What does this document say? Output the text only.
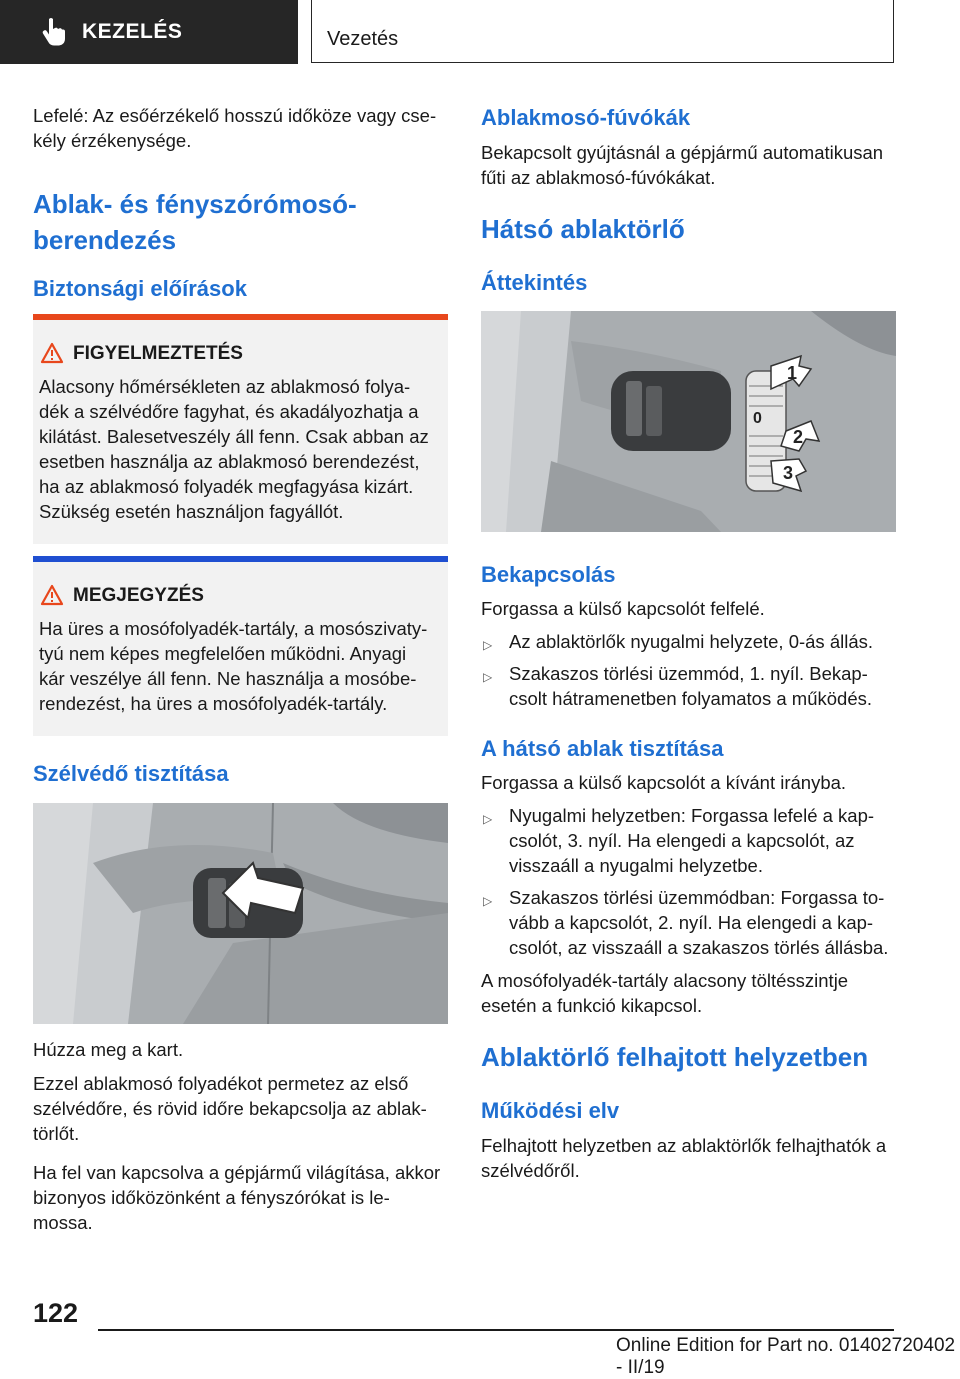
KEZELÉS	Vezetés

Lefelé: Az esőérzékelő hosszú időköze vagy cse-
kély érzékenysége.

Ablak- és fényszórómosó-
berendezés
Biztonsági előírások
FIGYELMEZTETÉS
Alacsony hőmérsékleten az ablakmosó folya-
dék a szélvédőre fagyhat, és akadályozhatja a
kilátást. Balesetveszély áll fenn. Csak abban az
esetben használja az ablakmosó berendezést,
ha az ablakmosó folyadék megfagyása kizárt.
Szükség esetén használjon fagyállót.
MEGJEGYZÉS
Ha üres a mosófolyadék-tartály, a mosószivaty-
tyú nem képes megfelelően működni. Anyagi
kár veszélye áll fenn. Ne használja a mosóbe-
rendezést, ha üres a mosófolyadék-tartály.
Szélvédő tisztítása

Húzza meg a kart.

Ezzel ablakmosó folyadékot permetez az első
szélvédőre, és rövid időre bekapcsolja az ablak-
törlőt.

Ha fel van kapcsolva a gépjármű világítása, akkor
bizonyos időközönként a fényszórókat is le-
mossa.

Ablakmosó-fúvókák

Bekapcsolt gyújtásnál a gépjármű automatikusan
fűti az ablakmosó-fúvókákat.

Hátsó ablaktörlő
Áttekintés
1
0
2
3
Bekapcsolás

Forgassa a külső kapcsolót felfelé.

▷ Az ablaktörlők nyugalmi helyzete, 0-ás állás.
▷ Szakaszos törlési üzemmód, 1. nyíl. Bekap-
csolt hátramenetben folyamatos a működés.
A hátsó ablak tisztítása

Forgassa a külső kapcsolót a kívánt irányba.

▷ Nyugalmi helyzetben: Forgassa lefelé a kap-
csolót, 3. nyíl. Ha elengedi a kapcsolót, az
visszaáll a nyugalmi helyzetbe.
▷ Szakaszos törlési üzemmódban: Forgassa to-
vább a kapcsolót, 2. nyíl. Ha elengedi a kap-
csolót, az visszaáll a szakaszos törlés állásba.

A mosófolyadék-tartály alacsony töltésszintje
esetén a funkció kikapcsol.

Ablaktörlő felhajtott helyzetben
Működési elv

Felhajtott helyzetben az ablaktörlők felhajthatók a
szélvédőről.

122
Online Edition for Part no. 01402720402 - II/19
